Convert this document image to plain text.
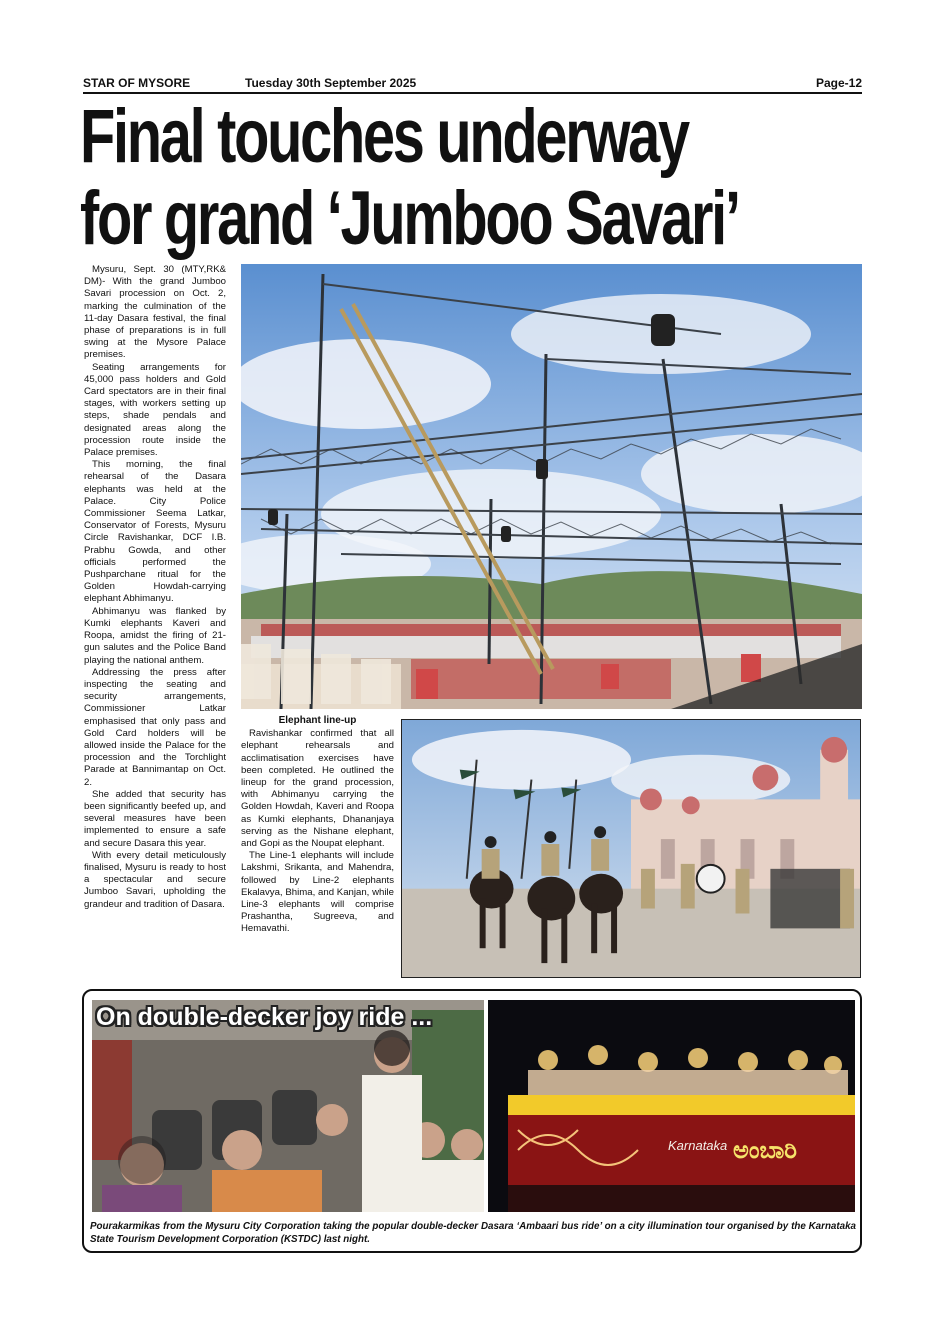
STAR OF MYSORE	Tuesday 30th September 2025	Page-12
Final touches underway
for grand ‘Jumboo Savari’

Mysuru, Sept. 30 (MTY,RK& DM)- With the grand Jumboo Savari procession on Oct. 2, marking the culmination of the 11-day Dasara festival, the final phase of preparations is in full swing at the Mysore Palace premises.

Seating arrangements for 45,000 pass holders and Gold Card spectators are in their final stages, with workers setting up steps, shade pendals and designated areas along the procession route inside the Palace premises.

This morning, the final rehearsal of the Dasara elephants was held at the Palace. City Police Commissioner Seema Latkar, Conservator of Forests, Mysuru Circle Ravishankar, DCF I.B. Prabhu Gowda, and other officials performed the Pushparchane ritual for the Golden Howdah-carrying elephant Abhimanyu.

Abhimanyu was flanked by Kumki elephants Kaveri and Roopa, amidst the firing of 21-gun salutes and the Police Band playing the national anthem.

Addressing the press after inspecting the seating and security arrangements, Commissioner Latkar emphasised that only pass and Gold Card holders will be allowed inside the Palace for the procession and the Torchlight Parade at Bannimantap on Oct. 2.

She added that security has been significantly beefed up, and several measures have been implemented to ensure a safe and secure Dasara this year.

With every detail meticulously finalised, Mysuru is ready to host a spectacular and secure Jumboo Savari, upholding the grandeur and tradition of Dasara.

Elephant line-up

Ravishankar confirmed that all elephant rehearsals and acclimatisation exercises have been completed. He outlined the lineup for the grand procession, with Abhimanyu carrying the Golden Howdah, Kaveri and Roopa as Kumki elephants, Dhananjaya serving as the Nishane elephant, and Gopi as the Noupat elephant.

The Line-1 elephants will include Lakshmi, Srikanta, and Mahendra, followed by Line-2 elephants Ekalavya, Bhima, and Kanjan, while Line-3 elephants will comprise Prashantha, Sugreeva, and Hemavathi.

Karnataka ಅಂಬಾರಿ
On double-decker joy ride ...
Pourakarmikas from the Mysuru City Corporation taking the popular double-decker Dasara ‘Ambaari bus ride’ on a city illumination tour organised by the Karnataka State Tourism Development Corporation (KSTDC) last night.
